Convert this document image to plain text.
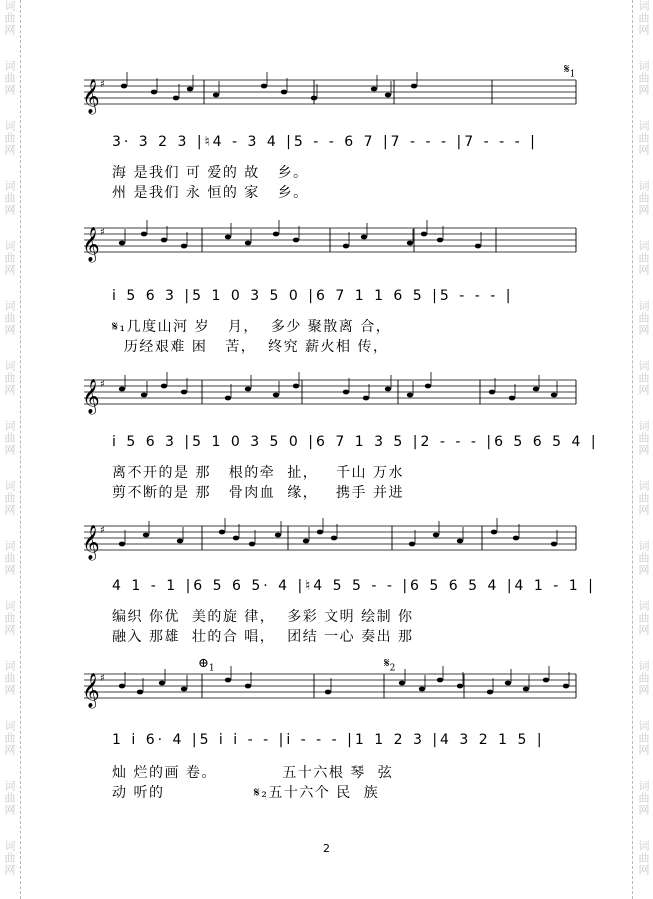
词曲网
词曲网
词曲网
词曲网
词曲网
词曲网
词曲网
词曲网
词曲网
词曲网
词曲网
词曲网
词曲网
词曲网
词曲网
词曲网
词曲网
词曲网
词曲网
词曲网
词曲网
词曲网
词曲网
词曲网
词曲网
词曲网
词曲网
词曲网
词曲网
词曲网
𝄞 ♯
$𝄋_1$
3· 3 2 3 |♮4 - 3 4 |5 - - 6 7 |7 - - - |7 - - - |
海 是我们 可 爱的 故   乡。
州 是我们 永 恒的 家   乡。
𝄞 ♯
i 5 6 3 |5 1 0 3 5 0 |6 7 1 1 6 5 |5 - - - |
𝄋₁几度山河 岁   月，  多少 聚散离 合，
历经艰难 困   苦，  终究 薪火相 传，
𝄞 ♯
i 5 6 3 |5 1 0 3 5 0 |6 7 1 3 5 |2 - - - |6 5 6 5 4 |
离不开的是 那   根的牵  扯，   千山 万水
剪不断的是 那   骨肉血  缘，   携手 并进
𝄞 ♯
4 1 - 1 |6 5 6 5· 4 |♮4 5 5 - - |6 5 6 5 4 |4 1 - 1 |
编织 你优  美的旋 律，  多彩 文明 绘制 你
融入 那雄  壮的合 唱，  团结 一心 奏出 那
𝄞 ♯
$\oplus_1$	$𝄋_2$
1 i 6· 4 |5 i i - - |i - - - |1 1 2 3 |4 3 2 1 5 |
灿 烂的画 卷。           五十六根 琴  弦
动 听的               𝄋₂五十六个 民  族
2
